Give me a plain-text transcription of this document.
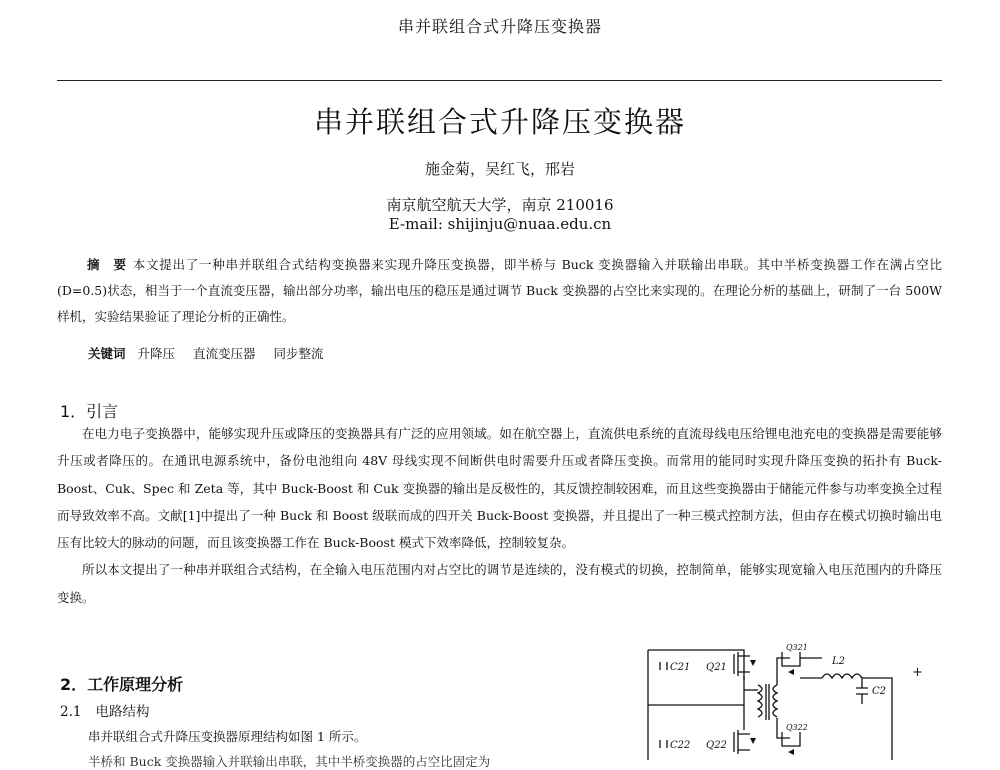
串并联组合式升降压变换器
串并联组合式升降压变换器
施金菊，吴红飞，邢岩
南京航空航天大学，南京 210016
E-mail: shijinju@nuaa.edu.cn
摘　要 本文提出了一种串并联组合式结构变换器来实现升降压变换器，即半桥与 Buck 变换器输入并联输出串联。其中半桥变换器工作在满占空比(D=0.5)状态，相当于一个直流变压器，输出部分功率，输出电压的稳压是通过调节 Buck 变换器的占空比来实现的。在理论分析的基础上，研制了一台 500W 样机，实验结果验证了理论分析的正确性。
关键词 升降压 直流变压器 同步整流
1．引言

在电力电子变换器中，能够实现升压或降压的变换器具有广泛的应用领域。如在航空器上，直流供电系统的直流母线电压给锂电池充电的变换器是需要能够升压或者降压的。在通讯电源系统中，备份电池组向 48V 母线实现不间断供电时需要升压或者降压变换。而常用的能同时实现升降压变换的拓扑有 Buck-Boost、Cuk、Spec 和 Zeta 等，其中 Buck-Boost 和 Cuk 变换器的输出是反极性的，其反馈控制较困难，而且这些变换器由于储能元件参与功率变换全过程而导致效率不高。文献[1]中提出了一种 Buck 和 Boost 级联而成的四开关 Buck-Boost 变换器，并且提出了一种三模式控制方法，但由存在模式切换时输出电压有比较大的脉动的问题，而且该变换器工作在 Buck-Boost 模式下效率降低，控制较复杂。

所以本文提出了一种串并联组合式结构，在全输入电压范围内对占空比的调节是连续的，没有模式的切换，控制简单，能够实现宽输入电压范围内的升降压变换。

2．工作原理分析
2.1 电路结构
串并联组合式升降压变换器原理结构如图 1 所示。
半桥和 Buck 变换器输入并联输出串联，其中半桥变换器的占空比固定为
C21 Q21
C22 Q22
Q321
Q322
L2
C2
+
